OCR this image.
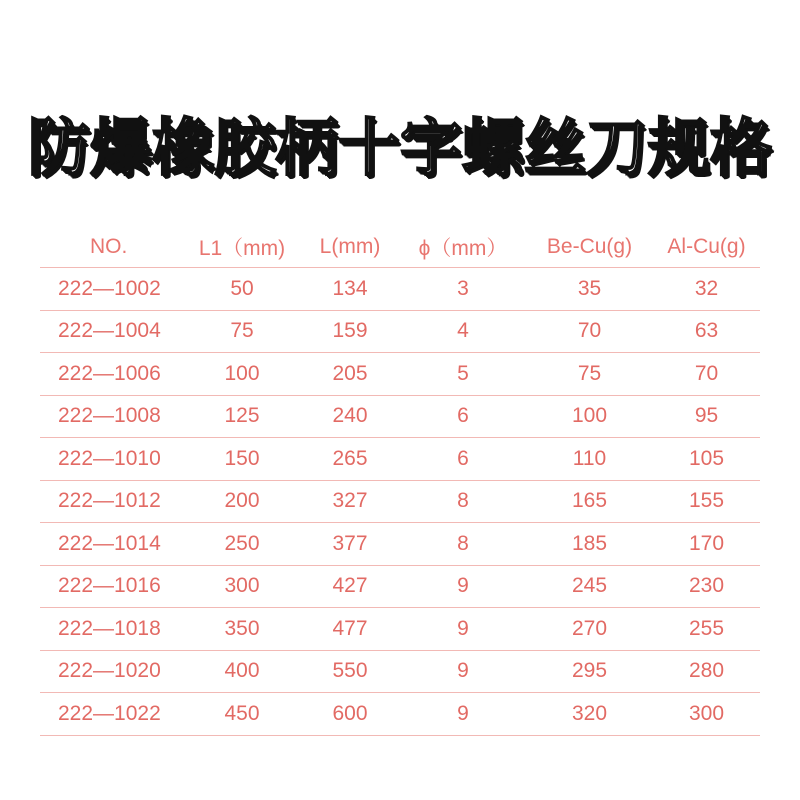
防爆橡胶柄十字螺丝刀规格
NO.	L1（mm)	L(mm)	ϕ（mm）	Be-Cu(g)	Al-Cu(g)
222—1002	50	134	3	35	32
222—1004	75	159	4	70	63
222—1006	100	205	5	75	70
222—1008	125	240	6	100	95
222—1010	150	265	6	110	105
222—1012	200	327	8	165	155
222—1014	250	377	8	185	170
222—1016	300	427	9	245	230
222—1018	350	477	9	270	255
222—1020	400	550	9	295	280
222—1022	450	600	9	320	300
